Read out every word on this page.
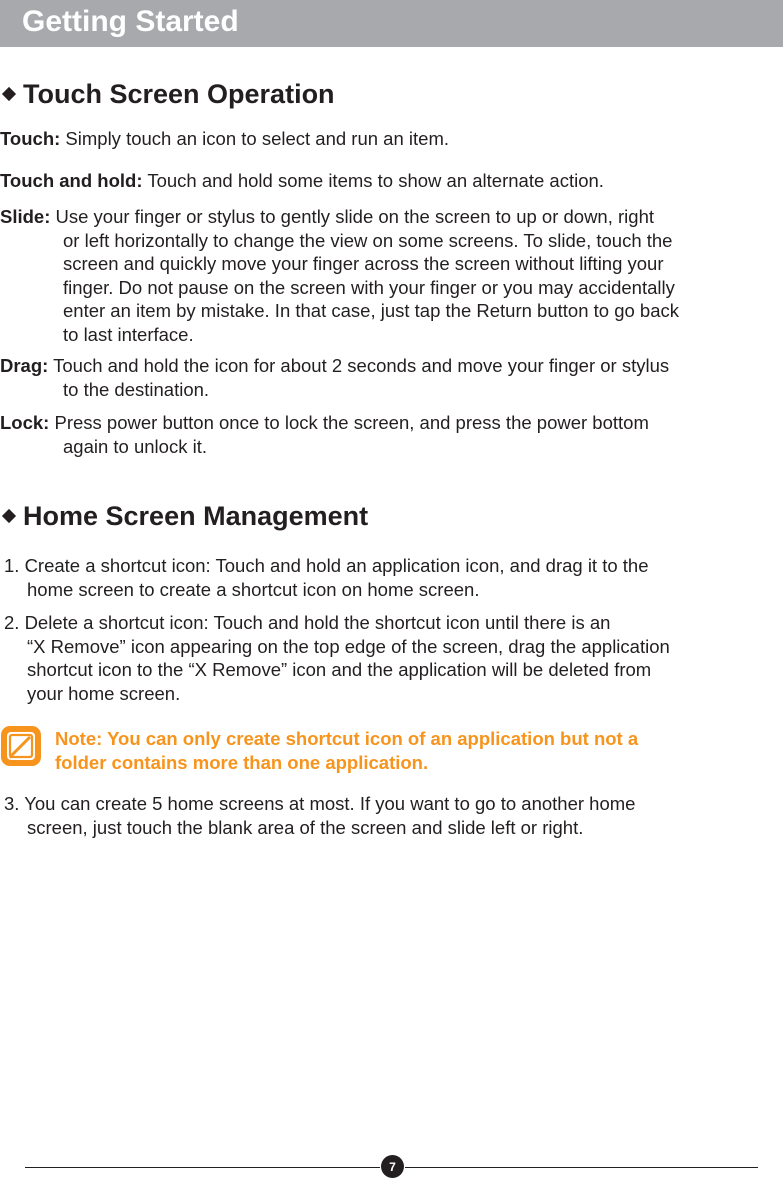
Getting Started
Touch Screen Operation
Touch: Simply touch an icon to select and run an item.
Touch and hold: Touch and hold some items to show an alternate action.
Slide: Use your finger or stylus to gently slide on the screen to up or down, right
or left horizontally to change the view on some screens. To slide, touch the
screen and quickly move your finger across the screen without lifting your
finger. Do not pause on the screen with your finger or you may accidentally
enter an item by mistake. In that case, just tap the Return button to go back
to last interface.
Drag: Touch and hold the icon for about 2 seconds and move your finger or stylus
to the destination.
Lock: Press power button once to lock the screen, and press the power bottom
again to unlock it.
Home Screen Management
1. Create a shortcut icon: Touch and hold an application icon, and drag it to the
home screen to create a shortcut icon on home screen.
2. Delete a shortcut icon: Touch and hold the shortcut icon until there is an
“X Remove” icon appearing on the top edge of the screen, drag the application
shortcut icon to the “X Remove” icon and the application will be deleted from
your home screen.
Note: You can only create shortcut icon of an application but not a
folder contains more than one application.
3. You can create 5 home screens at most. If you want to go to another home
screen, just touch the blank area of the screen and slide left or right.
7
